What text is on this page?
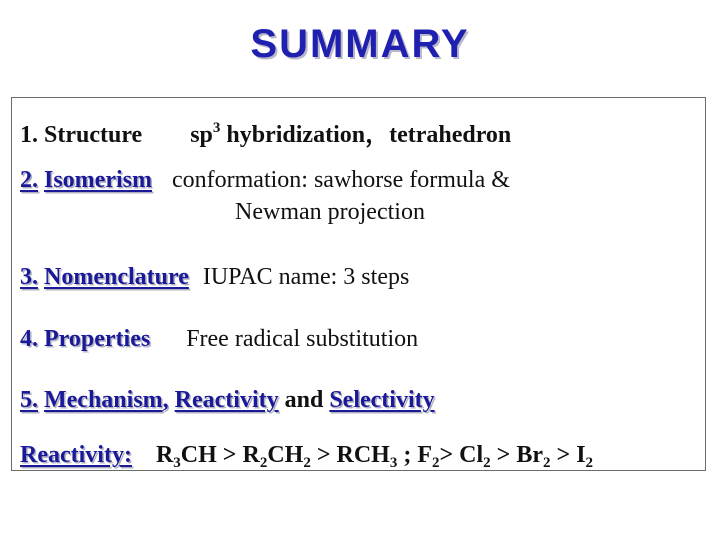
SUMMARY
1. Structure $sp^3$ hybridization，tetrahedron
2. Isomerism conformation: sawhorse formula &
Newman projection
3. Nomenclature IUPAC name: 3 steps
4. Properties Free radical substitution
5. Mechanism, Reactivity and Selectivity
Reactivity: $R_3CH > R_2CH_2 > RCH_3$ ; $F_2> Cl_2 > Br_2 > I_2$
